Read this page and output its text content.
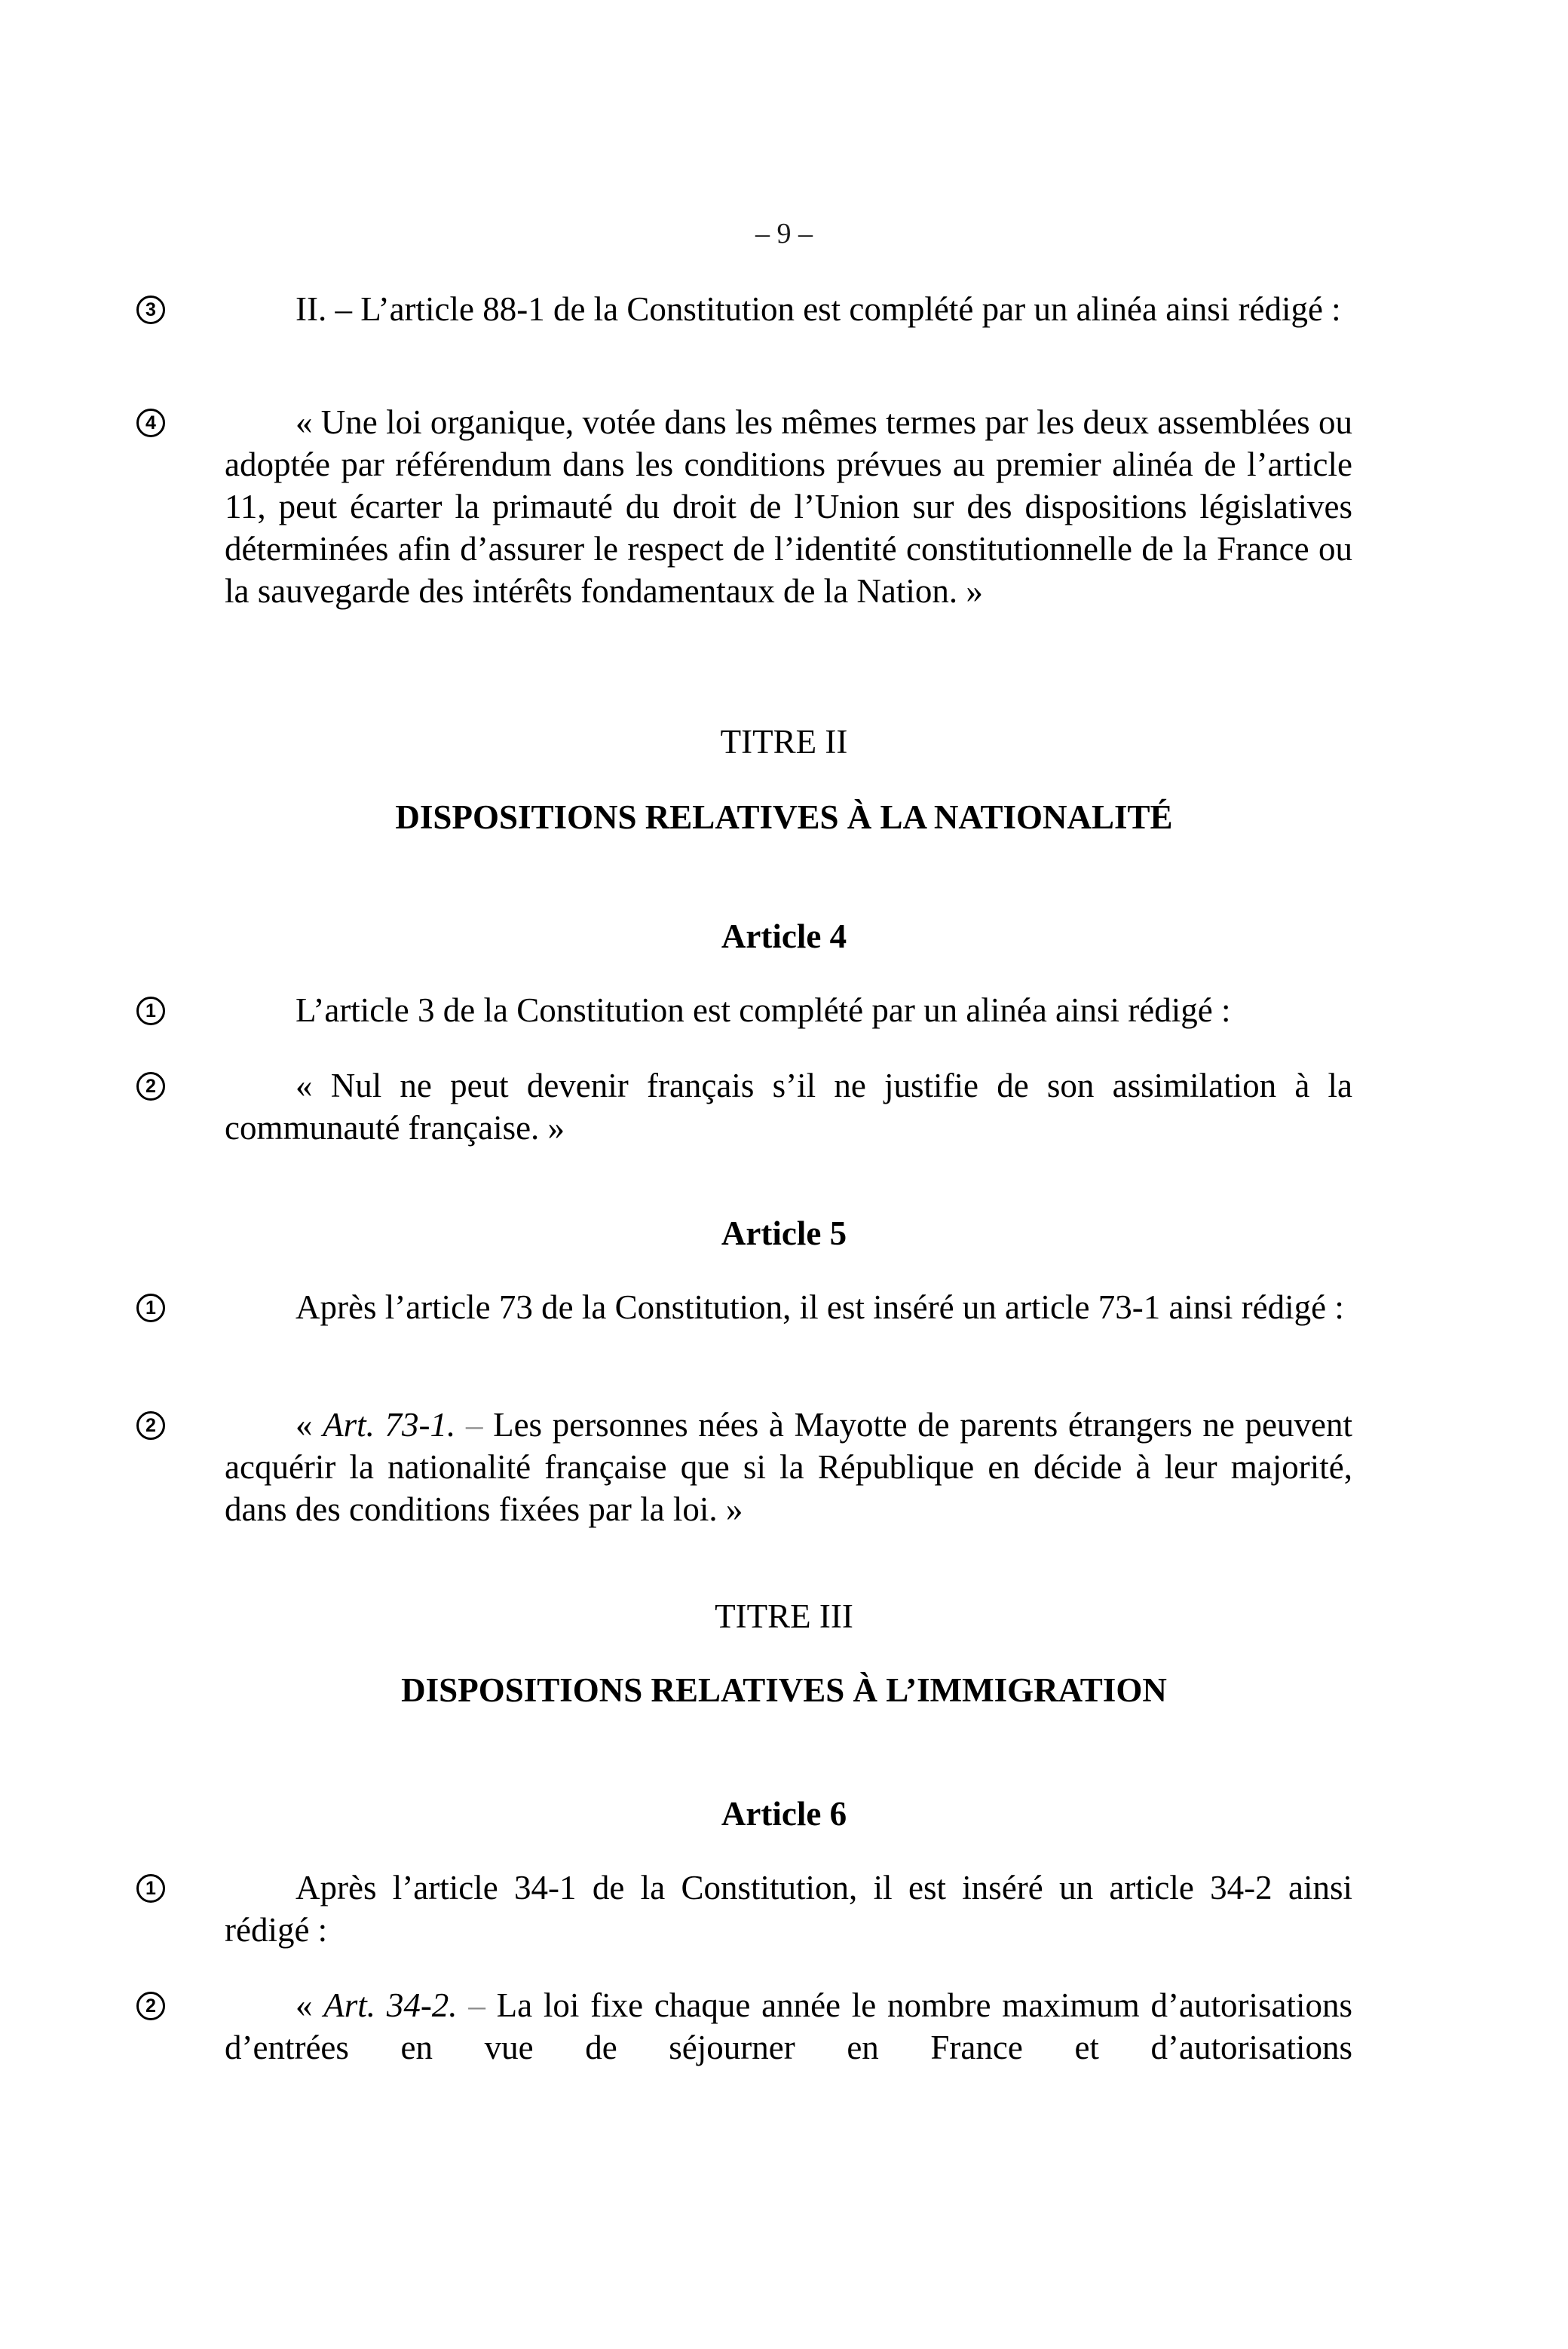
– 9 –
3	II. – L’article 88-1 de la Constitution est complété par un alinéa ainsi rédigé :
4	« Une loi organique, votée dans les mêmes termes par les deux assemblées ou adoptée par référendum dans les conditions prévues au premier alinéa de l’article 11, peut écarter la primauté du droit de l’Union sur des dispositions législatives déterminées afin d’assurer le respect de l’identité constitutionnelle de la France ou la sauvegarde des intérêts fondamentaux de la Nation. »
TITRE II
DISPOSITIONS RELATIVES À LA NATIONALITÉ
Article 4
1	L’article 3 de la Constitution est complété par un alinéa ainsi rédigé :
2	« Nul ne peut devenir français s’il ne justifie de son assimilation à la communauté française. »
Article 5
1	Après l’article 73 de la Constitution, il est inséré un article 73-1 ainsi rédigé :
2	« Art. 73-1. – Les personnes nées à Mayotte de parents étrangers ne peuvent acquérir la nationalité française que si la République en décide à leur majorité, dans des conditions fixées par la loi. »
TITRE III
DISPOSITIONS RELATIVES À L’IMMIGRATION
Article 6
1	Après l’article 34-1 de la Constitution, il est inséré un article 34-2 ainsi rédigé :
2	« Art. 34-2. – La loi fixe chaque année le nombre maximum d’autorisations d’entrées en vue de séjourner en France et d’autorisations
